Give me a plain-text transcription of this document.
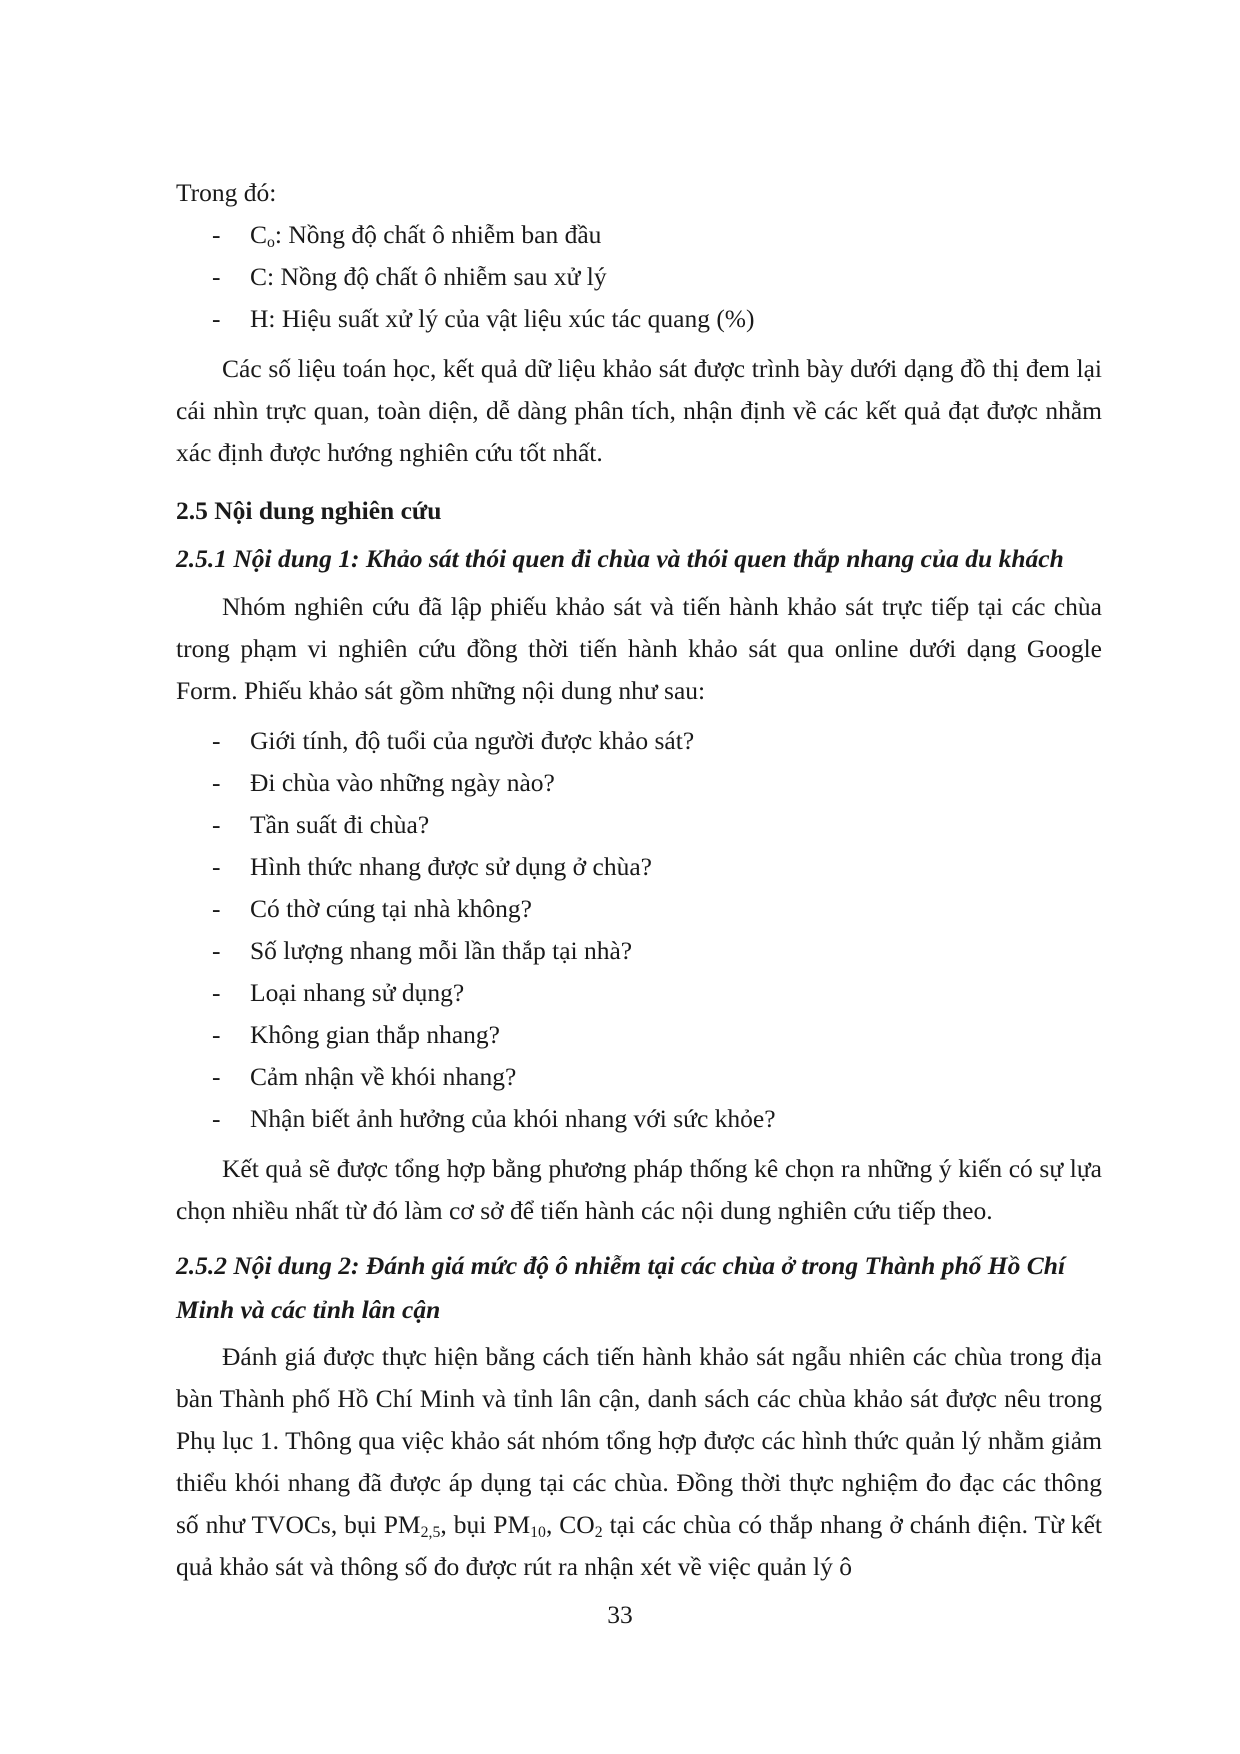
Trong đó:

- $C_o$: Nồng độ chất ô nhiễm ban đầu
- C: Nồng độ chất ô nhiễm sau xử lý
- H: Hiệu suất xử lý của vật liệu xúc tác quang (%)

Các số liệu toán học, kết quả dữ liệu khảo sát được trình bày dưới dạng đồ thị đem lại cái nhìn trực quan, toàn diện, dễ dàng phân tích, nhận định về các kết quả đạt được nhằm xác định được hướng nghiên cứu tốt nhất.

2.5 Nội dung nghiên cứu

2.5.1 Nội dung 1: Khảo sát thói quen đi chùa và thói quen thắp nhang của du khách

Nhóm nghiên cứu đã lập phiếu khảo sát và tiến hành khảo sát trực tiếp tại các chùa trong phạm vi nghiên cứu đồng thời tiến hành khảo sát qua online dưới dạng Google Form. Phiếu khảo sát gồm những nội dung như sau:

- Giới tính, độ tuổi của người được khảo sát?
- Đi chùa vào những ngày nào?
- Tần suất đi chùa?
- Hình thức nhang được sử dụng ở chùa?
- Có thờ cúng tại nhà không?
- Số lượng nhang mỗi lần thắp tại nhà?
- Loại nhang sử dụng?
- Không gian thắp nhang?
- Cảm nhận về khói nhang?
- Nhận biết ảnh hưởng của khói nhang với sức khỏe?

Kết quả sẽ được tổng hợp bằng phương pháp thống kê chọn ra những ý kiến có sự lựa chọn nhiều nhất từ đó làm cơ sở để tiến hành các nội dung nghiên cứu tiếp theo.

2.5.2 Nội dung 2: Đánh giá mức độ ô nhiễm tại các chùa ở trong Thành phố Hồ Chí
Minh và các tỉnh lân cận

Đánh giá được thực hiện bằng cách tiến hành khảo sát ngẫu nhiên các chùa trong địa bàn Thành phố Hồ Chí Minh và tỉnh lân cận, danh sách các chùa khảo sát được nêu trong Phụ lục 1. Thông qua việc khảo sát nhóm tổng hợp được các hình thức quản lý nhằm giảm thiểu khói nhang đã được áp dụng tại các chùa. Đồng thời thực nghiệm đo đạc các thông số như TVOCs, bụi $PM_{2,5}$, bụi $PM_{10}$, $CO_2$ tại các chùa có thắp nhang ở chánh điện. Từ kết quả khảo sát và thông số đo được rút ra nhận xét về việc quản lý ô

33
